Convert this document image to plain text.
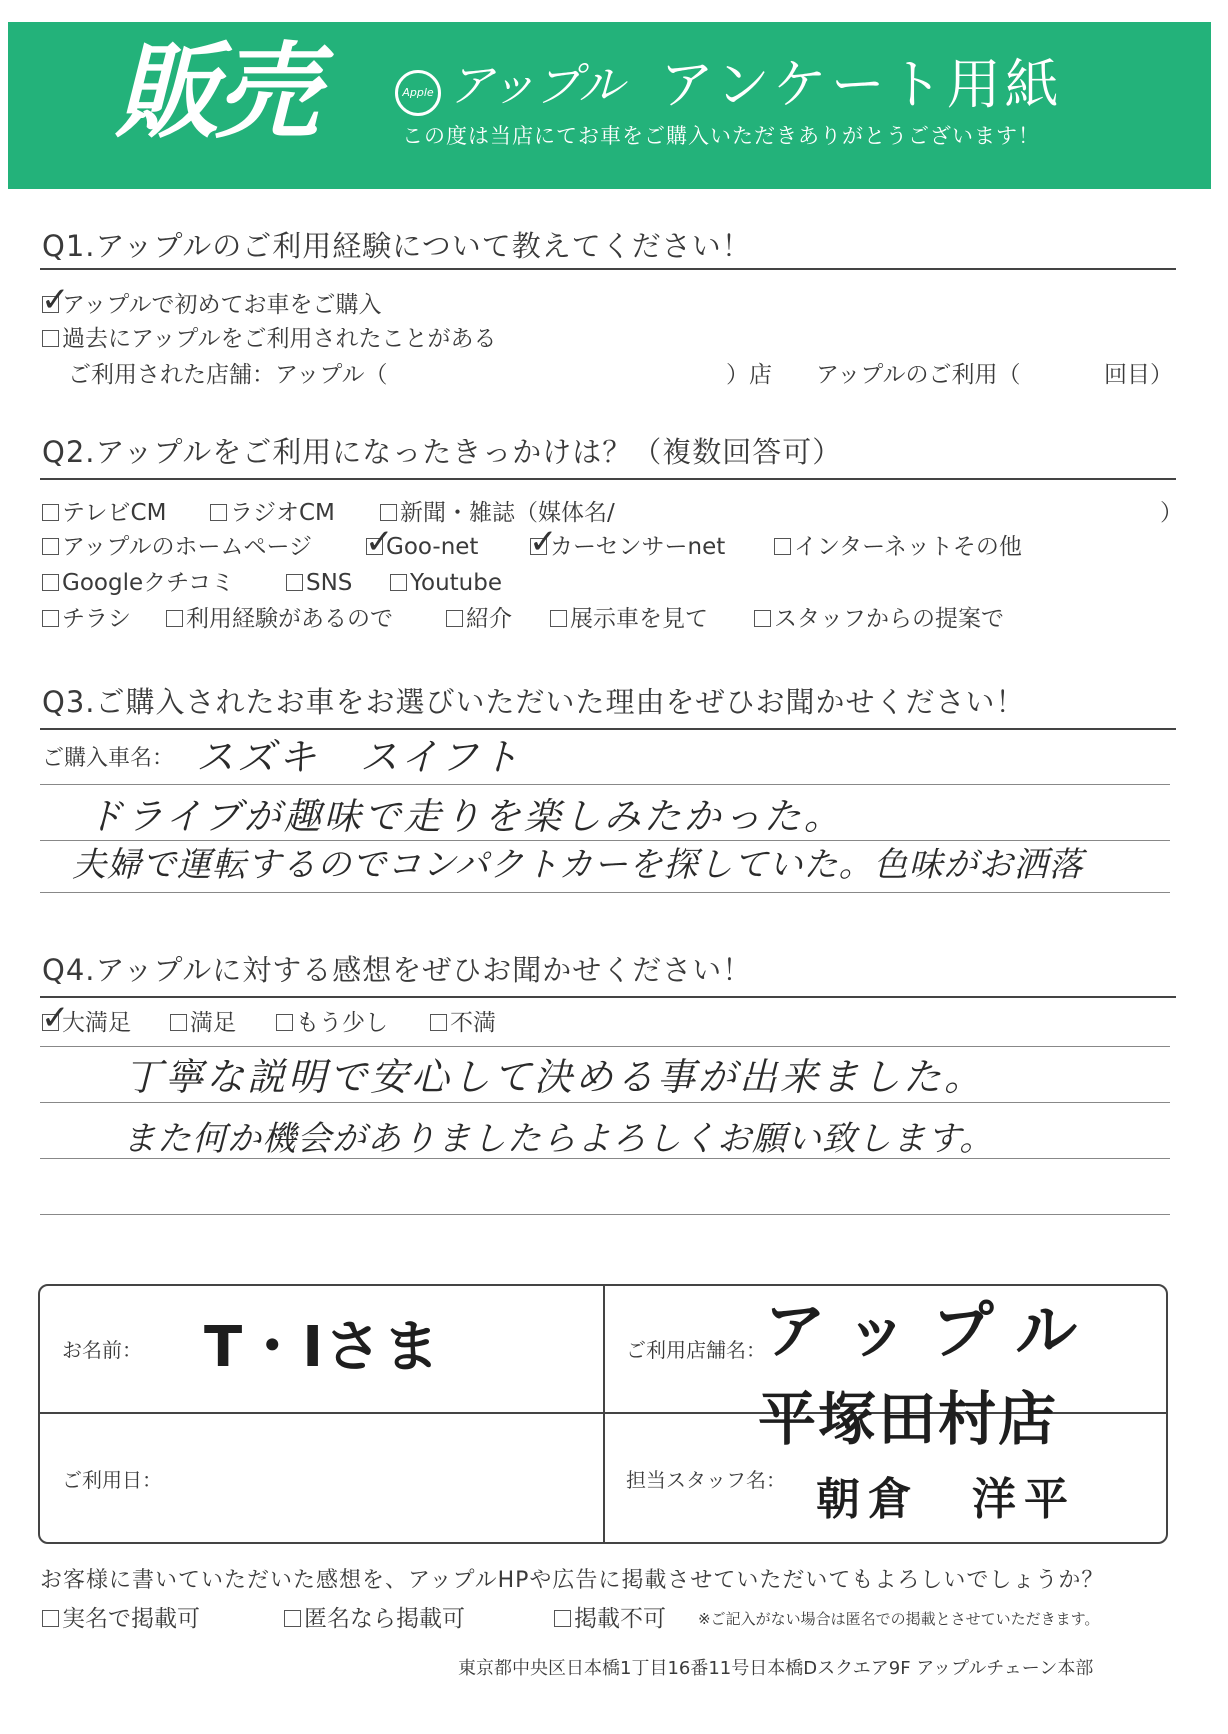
販売	Apple アップル アンケート用紙
この度は当店にてお車をご購入いただきありがとうございます！
Q1.アップルのご利用経験について教えてください！
✓
アップルで初めてお車をご購入
過去にアップルをご利用されたことがある
ご利用された店舗：アップル（	）店 アップルのご利用（	回目）
Q2.アップルをご利用になったきっかけは？（複数回答可）
テレビCM	ラジオCM	新聞・雑誌（媒体名/	）
アップルのホームページ ✓
Goo-net ✓
カーセンサーnet	インターネットその他
Googleクチコミ	SNS	Youtube
チラシ	利用経験があるので	紹介	展示車を見て	スタッフからの提案で
Q3.ご購入されたお車をお選びいただいた理由をぜひお聞かせください！
ご購入車名： スズキ　スイフト
ドライブが趣味で走りを楽しみたかった。
夫婦で運転するのでコンパクトカーを探していた。色味がお洒落
Q4.アップルに対する感想をぜひお聞かせください！
✓
大満足	満足	もう少し	不満
丁寧な説明で安心して決める事が出来ました。
また何か機会がありましたらよろしくお願い致します。
お名前： T・Iさま	ご利用店舗名：
アップル
平塚田村店
ご利用日：	担当スタッフ名： 朝倉　洋平
お客様に書いていただいた感想を、アップルHPや広告に掲載させていただいてもよろしいでしょうか？
実名で掲載可	匿名なら掲載可	掲載不可 ※ご記入がない場合は匿名での掲載とさせていただきます。
東京都中央区日本橋1丁目16番11号日本橋Dスクエア9F アップルチェーン本部
